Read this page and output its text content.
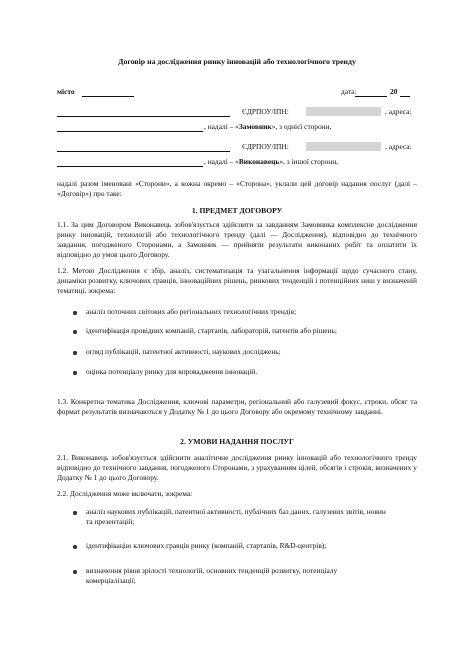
Договір на дослідження ринку інновацій або технологічного тренду
місто	дата:	20
ЄДРПОУ/ІПН:	, адреса:
, надалі – «Замовник», з однієї сторони,
ЄДРПОУ/ІПН:	, адреса:
, надалі – «Виконавець», з іншої сторони,
надалі разом іменовані «Сторони», а кожна окремо – «Сторона», уклали цей договір надання послуг (далі – «Договір») про таке:
1. ПРЕДМЕТ ДОГОВОРУ
1.1. За цим Договором Виконавець зобов'язується здійснити за завданням Замовника комплексне дослідження ринку інновацій, технологій або технологічного тренду (далі — Дослідження), відповідно до технічного завдання, погодженого Сторонами, а Замовник — прийняти результати виконаних робіт та оплатити їх відповідно до умов цього Договору.
1.2. Метою Дослідження є збір, аналіз, систематизація та узагальнення інформації щодо сучасного стану, динаміки розвитку, ключових гравців, інноваційних рішень, ринкових тенденцій і потенційних ниш у визначеній тематиці, зокрема:
аналіз поточних світових або регіональних технологічних трендів;
ідентифікація провідних компаній, стартапів, лабораторій, патентів або рішень;
огляд публікацій, патентної активності, наукових досліджень;
оцінка потенціалу ринку для впровадження інновацій.
1.3. Конкретна тематика Дослідження, ключові параметри, регіональний або галузевий фокус, строки, обсяг та формат результатів визначаються у Додатку № 1 до цього Договору або окремому технічному завданні.
2. УМОВИ НАДАННЯ ПОСЛУГ
2.1. Виконавець зобов'язується здійснити аналітичне дослідження ринку інновацій або технологічного тренду відповідно до технічного завдання, погодженого Сторонами, з урахуванням цілей, обсягів і строків, визначених у Додатку № 1 до цього Договору.
2.2. Дослідження може включати, зокрема:
аналіз наукових публікацій, патентної активності, публічних баз даних, галузевих звітів, новин та презентацій;
ідентифікацію ключових гравців ринку (компаній, стартапів, R&D-центрів);
визначення рівня зрілості технологій, основних тенденцій розвитку, потенціалу комерціалізації;
